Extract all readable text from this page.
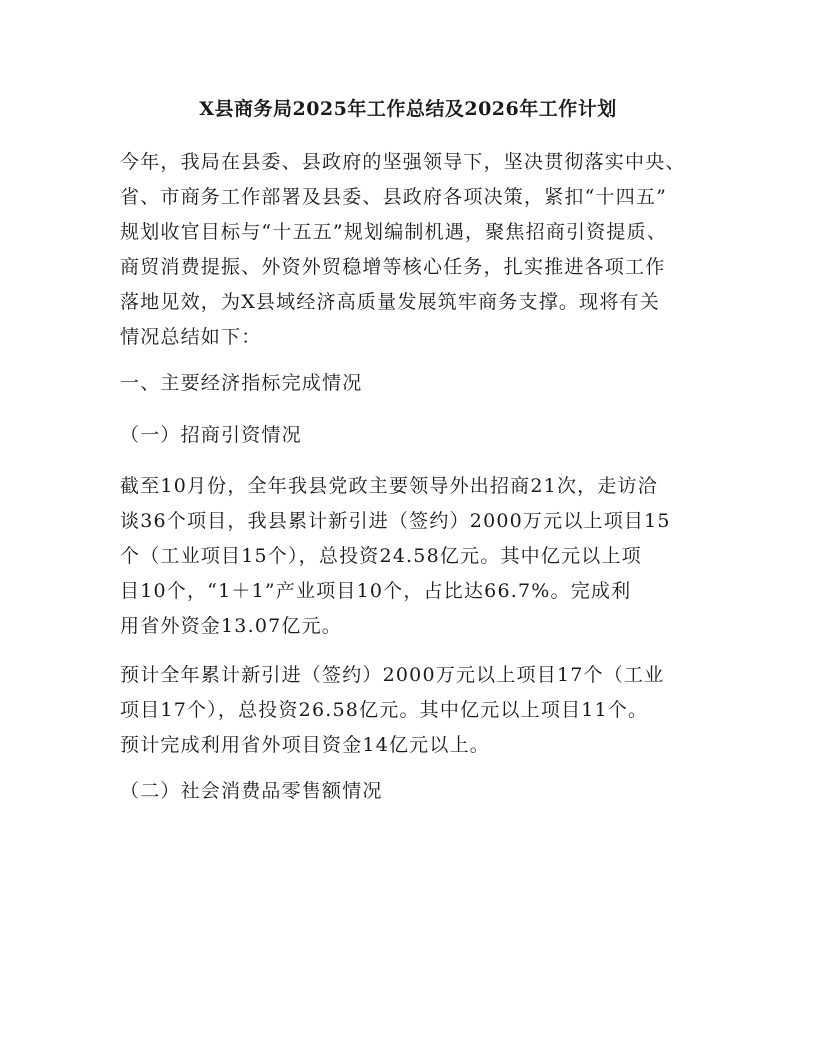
X县商务局2025年工作总结及2026年工作计划
今年，我局在县委、县政府的坚强领导下，坚决贯彻落实中央、
省、市商务工作部署及县委、县政府各项决策，紧扣“十四五”
规划收官目标与“十五五”规划编制机遇，聚焦招商引资提质、
商贸消费提振、外资外贸稳增等核心任务，扎实推进各项工作
落地见效，为X县域经济高质量发展筑牢商务支撑。现将有关
情况总结如下：
一、主要经济指标完成情况
（一）招商引资情况
截至10月份，全年我县党政主要领导外出招商21次，走访洽
谈36个项目，我县累计新引进（签约）2000万元以上项目15
个（工业项目15个），总投资24.58亿元。其中亿元以上项
目10个，“1＋1”产业项目10个，占比达66.7%。完成利
用省外资金13.07亿元。
预计全年累计新引进（签约）2000万元以上项目17个（工业
项目17个），总投资26.58亿元。其中亿元以上项目11个。
预计完成利用省外项目资金14亿元以上。
（二）社会消费品零售额情况
